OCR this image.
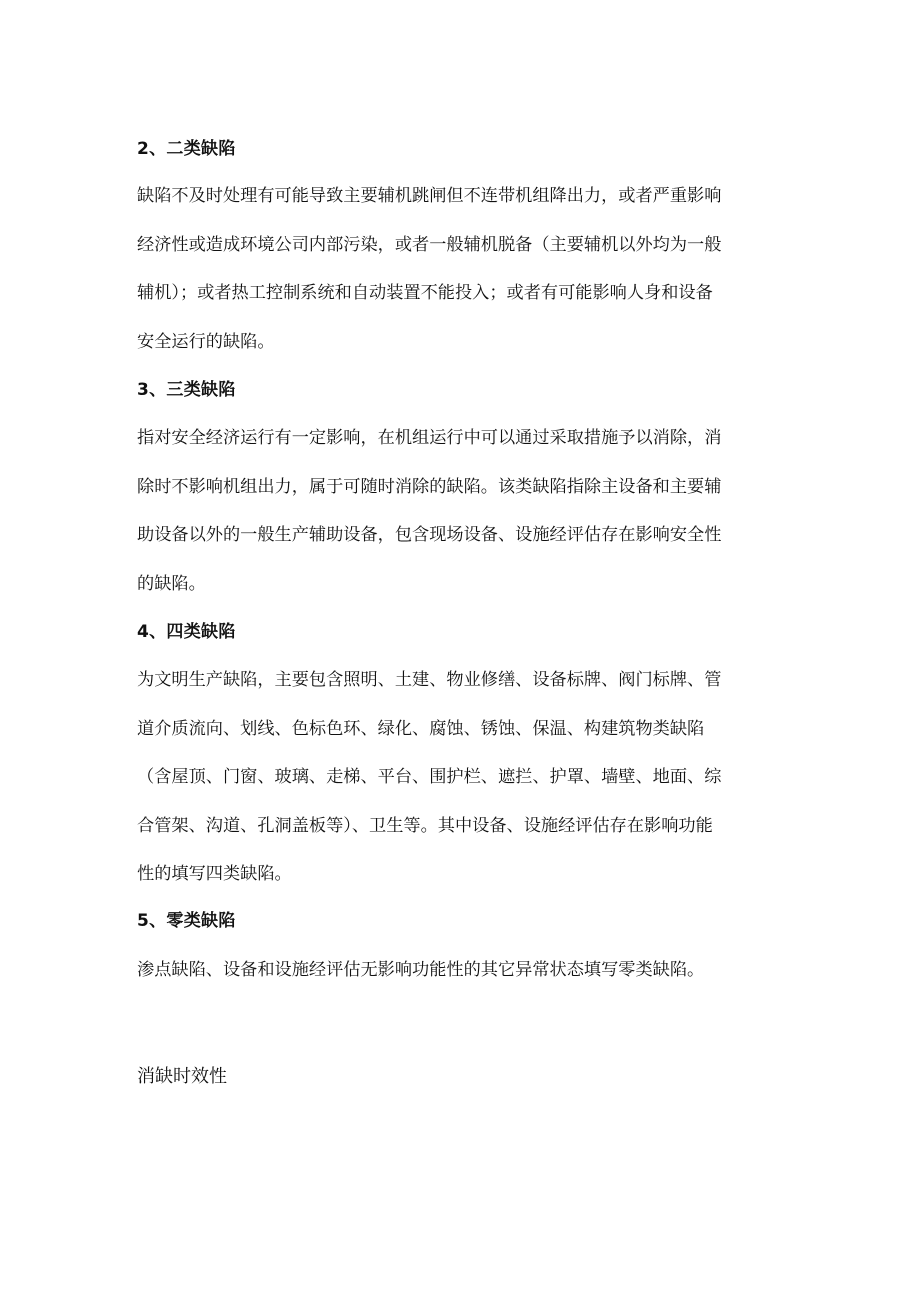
2、二类缺陷
缺陷不及时处理有可能导致主要辅机跳闸但不连带机组降出力，或者严重影响
经济性或造成环境公司内部污染，或者一般辅机脱备（主要辅机以外均为一般
辅机）；或者热工控制系统和自动装置不能投入；或者有可能影响人身和设备
安全运行的缺陷。
3、三类缺陷
指对安全经济运行有一定影响，在机组运行中可以通过采取措施予以消除，消
除时不影响机组出力，属于可随时消除的缺陷。该类缺陷指除主设备和主要辅
助设备以外的一般生产辅助设备，包含现场设备、设施经评估存在影响安全性
的缺陷。
4、四类缺陷
为文明生产缺陷，主要包含照明、土建、物业修缮、设备标牌、阀门标牌、管
道介质流向、划线、色标色环、绿化、腐蚀、锈蚀、保温、构建筑物类缺陷
（含屋顶、门窗、玻璃、走梯、平台、围护栏、遮拦、护罩、墙壁、地面、综
合管架、沟道、孔洞盖板等）、卫生等。其中设备、设施经评估存在影响功能
性的填写四类缺陷。
5、零类缺陷
渗点缺陷、设备和设施经评估无影响功能性的其它异常状态填写零类缺陷。
消缺时效性
